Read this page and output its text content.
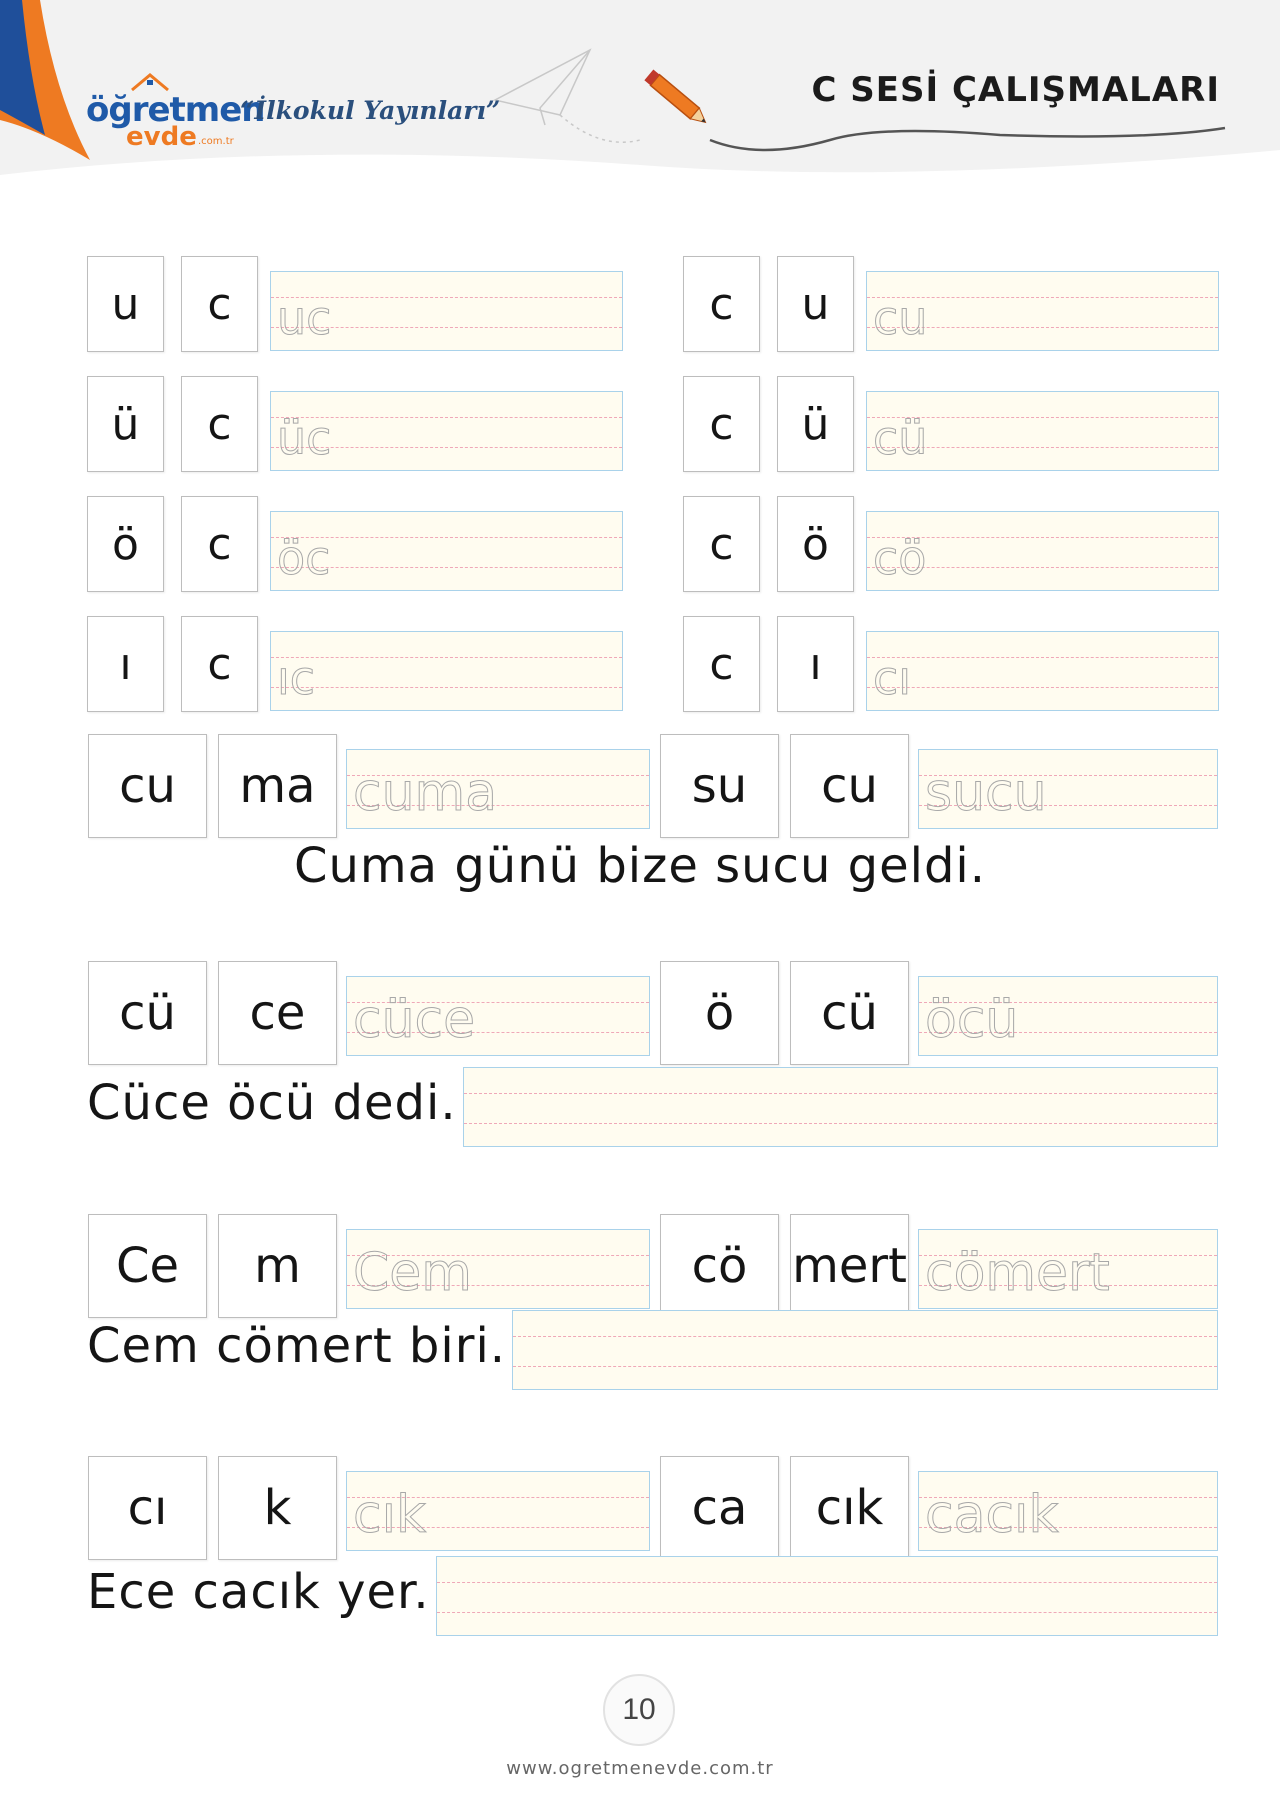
öğretmen
evde .com.tr
“İlkokul Yayınları”
C SESİ ÇALIŞMALARI
u	c uc	c	u cu
ü	c üc	c	ü cü
ö	c öc	c	ö cö
ı	c ıc	c	ı	cı
cu	ma cuma	su	cu sucu
Cuma günü bize sucu geldi.
cü	ce cüce	ö	cü öcü
Cüce öcü dedi.
Ce	m	Cem	cö mert cömert
Cem cömert biri.
cı	k	cık	ca	cık cacık
Ece cacık yer.
10
www.ogretmenevde.com.tr
